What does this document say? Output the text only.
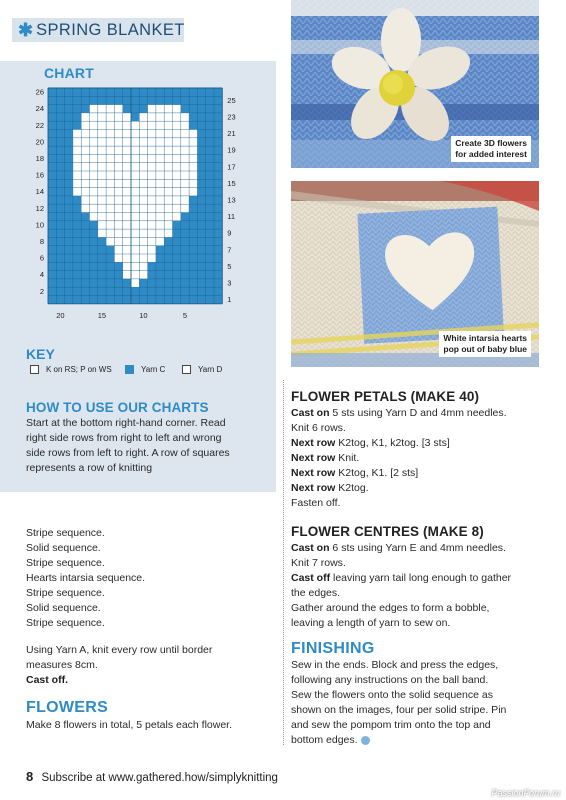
✱ SPRING BLANKET
CHART
26
24
22
20
18
16
14
12
10
8
6
4
2
25
23
21
19
17
15
13
11
9
7
5
3
1
20	15	10	5
KEY
K on RS; P on WS	Yarn C	Yarn D
HOW TO USE OUR CHARTS
Start at the bottom right-hand corner. Read
right side rows from right to left and wrong
side rows from left to right. A row of squares
represents a row of knitting
Create 3D flowers
for added interest
White intarsia hearts
pop out of baby blue
FLOWER PETALS (MAKE 40)
Cast on 5 sts using Yarn D and 4mm needles.
Knit 6 rows.
Next row K2tog, K1, k2tog. [3 sts]
Next row Knit.
Next row K2tog, K1. [2 sts]
Next row K2tog.
Fasten off.
FLOWER CENTRES (MAKE 8)
Cast on 6 sts using Yarn E and 4mm needles.
Knit 7 rows.
Cast off leaving yarn tail long enough to gather
the edges.
Gather around the edges to form a bobble,
leaving a length of yarn to sew on.
FINISHING
Sew in the ends. Block and press the edges,
following any instructions on the ball band.
Sew the flowers onto the solid sequence as
shown on the images, four per solid stripe. Pin
and sew the pompom trim onto the top and
bottom edges.
Stripe sequence.
Solid sequence.
Stripe sequence.
Hearts intarsia sequence.
Stripe sequence.
Solid sequence.
Stripe sequence.
Using Yarn A, knit every row until border
measures 8cm.
Cast off.
FLOWERS
Make 8 flowers in total, 5 petals each flower.
8 Subscribe at www.gathered.how/simplyknitting
PassionForum.ru
